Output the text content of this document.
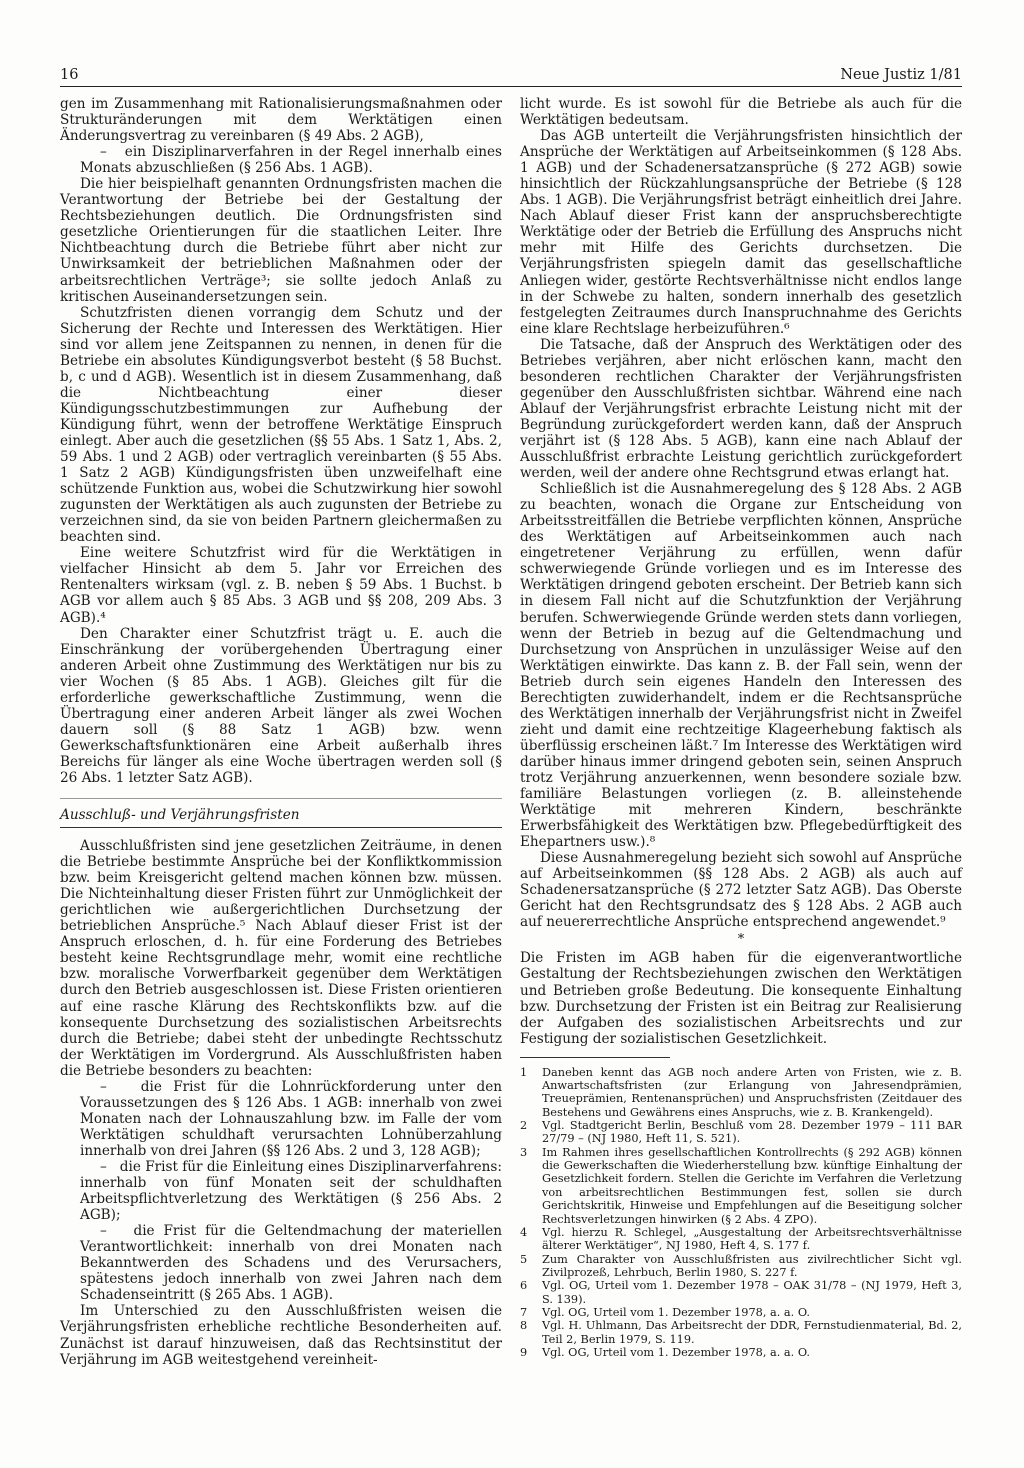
16	Neue Justiz 1/81

gen im Zusammenhang mit Rationalisierungsmaßnahmen oder Strukturänderungen mit dem Werktätigen einen Änderungsvertrag zu vereinbaren (§ 49 Abs. 2 AGB),

–   ein Disziplinarverfahren in der Regel innerhalb eines Monats abzuschließen (§ 256 Abs. 1 AGB).

Die hier beispielhaft genannten Ordnungsfristen machen die Verantwortung der Betriebe bei der Gestaltung der Rechtsbeziehungen deutlich. Die Ordnungsfristen sind gesetzliche Orientierungen für die staatlichen Leiter. Ihre Nichtbeachtung durch die Betriebe führt aber nicht zur Unwirksamkeit der betrieblichen Maßnahmen oder der arbeitsrechtlichen Verträge³; sie sollte jedoch Anlaß zu kritischen Auseinandersetzungen sein.

Schutzfristen dienen vorrangig dem Schutz und der Sicherung der Rechte und Interessen des Werktätigen. Hier sind vor allem jene Zeitspannen zu nennen, in denen für die Betriebe ein absolutes Kündigungsverbot besteht (§ 58 Buchst. b, c und d AGB). Wesentlich ist in diesem Zusammenhang, daß die Nichtbeachtung einer dieser Kündigungsschutzbestimmungen zur Aufhebung der Kündigung führt, wenn der betroffene Werktätige Einspruch einlegt. Aber auch die gesetzlichen (§§ 55 Abs. 1 Satz 1, Abs. 2, 59 Abs. 1 und 2 AGB) oder vertraglich vereinbarten (§ 55 Abs. 1 Satz 2 AGB) Kündigungsfristen üben unzweifelhaft eine schützende Funktion aus, wobei die Schutzwirkung hier sowohl zugunsten der Werktätigen als auch zugunsten der Betriebe zu verzeichnen sind, da sie von beiden Partnern gleichermaßen zu beachten sind.

Eine weitere Schutzfrist wird für die Werktätigen in vielfacher Hinsicht ab dem 5. Jahr vor Erreichen des Rentenalters wirksam (vgl. z. B. neben § 59 Abs. 1 Buchst. b AGB vor allem auch § 85 Abs. 3 AGB und §§ 208, 209 Abs. 3 AGB).⁴

Den Charakter einer Schutzfrist trägt u. E. auch die Einschränkung der vorübergehenden Übertragung einer anderen Arbeit ohne Zustimmung des Werktätigen nur bis zu vier Wochen (§ 85 Abs. 1 AGB). Gleiches gilt für die erforderliche gewerkschaftliche Zustimmung, wenn die Übertragung einer anderen Arbeit länger als zwei Wochen dauern soll (§ 88 Satz 1 AGB) bzw. wenn Gewerkschaftsfunktionären eine Arbeit außerhalb ihres Bereichs für länger als eine Woche übertragen werden soll (§ 26 Abs. 1 letzter Satz AGB).

Ausschluß- und Verjährungsfristen

Ausschlußfristen sind jene gesetzlichen Zeiträume, in denen die Betriebe bestimmte Ansprüche bei der Konfliktkommission bzw. beim Kreisgericht geltend machen können bzw. müssen. Die Nichteinhaltung dieser Fristen führt zur Unmöglichkeit der gerichtlichen wie außergerichtlichen Durchsetzung der betrieblichen Ansprüche.⁵ Nach Ablauf dieser Frist ist der Anspruch erloschen, d. h. für eine Forderung des Betriebes besteht keine Rechtsgrundlage mehr, womit eine rechtliche bzw. moralische Vorwerfbarkeit gegenüber dem Werktätigen durch den Betrieb ausgeschlossen ist. Diese Fristen orientieren auf eine rasche Klärung des Rechtskonflikts bzw. auf die konsequente Durchsetzung des sozialistischen Arbeitsrechts durch die Betriebe; dabei steht der unbedingte Rechtsschutz der Werktätigen im Vordergrund. Als Ausschlußfristen haben die Betriebe besonders zu beachten:

–   die Frist für die Lohnrückforderung unter den Voraussetzungen des § 126 Abs. 1 AGB: innerhalb von zwei Monaten nach der Lohnauszahlung bzw. im Falle der vom Werktätigen schuldhaft verursachten Lohnüberzahlung innerhalb von drei Jahren (§§ 126 Abs. 2 und 3, 128 AGB);

–   die Frist für die Einleitung eines Disziplinarverfahrens: innerhalb von fünf Monaten seit der schuldhaften Arbeitspflichtverletzung des Werktätigen (§ 256 Abs. 2 AGB);

–   die Frist für die Geltendmachung der materiellen Verantwortlichkeit: innerhalb von drei Monaten nach Bekanntwerden des Schadens und des Verursachers, spätestens jedoch innerhalb von zwei Jahren nach dem Schadenseintritt (§ 265 Abs. 1 AGB).

Im Unterschied zu den Ausschlußfristen weisen die Verjährungsfristen erhebliche rechtliche Besonderheiten auf. Zunächst ist darauf hinzuweisen, daß das Rechtsinstitut der Verjährung im AGB weitestgehend vereinheit-

licht wurde. Es ist sowohl für die Betriebe als auch für die Werktätigen bedeutsam.

Das AGB unterteilt die Verjährungsfristen hinsichtlich der Ansprüche der Werktätigen auf Arbeitseinkommen (§ 128 Abs. 1 AGB) und der Schadenersatzansprüche (§ 272 AGB) sowie hinsichtlich der Rückzahlungsansprüche der Betriebe (§ 128 Abs. 1 AGB). Die Verjährungsfrist beträgt einheitlich drei Jahre. Nach Ablauf dieser Frist kann der anspruchsberechtigte Werktätige oder der Betrieb die Erfüllung des Anspruchs nicht mehr mit Hilfe des Gerichts durchsetzen. Die Verjährungsfristen spiegeln damit das gesellschaftliche Anliegen wider, gestörte Rechtsverhältnisse nicht endlos lange in der Schwebe zu halten, sondern innerhalb des gesetzlich festgelegten Zeitraumes durch Inanspruchnahme des Gerichts eine klare Rechtslage herbeizuführen.⁶

Die Tatsache, daß der Anspruch des Werktätigen oder des Betriebes verjähren, aber nicht erlöschen kann, macht den besonderen rechtlichen Charakter der Verjährungsfristen gegenüber den Ausschlußfristen sichtbar. Während eine nach Ablauf der Verjährungsfrist erbrachte Leistung nicht mit der Begründung zurückgefordert werden kann, daß der Anspruch verjährt ist (§ 128 Abs. 5 AGB), kann eine nach Ablauf der Ausschlußfrist erbrachte Leistung gerichtlich zurückgefordert werden, weil der andere ohne Rechtsgrund etwas erlangt hat.

Schließlich ist die Ausnahmeregelung des § 128 Abs. 2 AGB zu beachten, wonach die Organe zur Entscheidung von Arbeitsstreitfällen die Betriebe verpflichten können, Ansprüche des Werktätigen auf Arbeitseinkommen auch nach eingetretener Verjährung zu erfüllen, wenn dafür schwerwiegende Gründe vorliegen und es im Interesse des Werktätigen dringend geboten erscheint. Der Betrieb kann sich in diesem Fall nicht auf die Schutzfunktion der Verjährung berufen. Schwerwiegende Gründe werden stets dann vorliegen, wenn der Betrieb in bezug auf die Geltendmachung und Durchsetzung von Ansprüchen in unzulässiger Weise auf den Werktätigen einwirkte. Das kann z. B. der Fall sein, wenn der Betrieb durch sein eigenes Handeln den Interessen des Berechtigten zuwiderhandelt, indem er die Rechtsansprüche des Werktätigen innerhalb der Verjährungsfrist nicht in Zweifel zieht und damit eine rechtzeitige Klageerhebung faktisch als überflüssig erscheinen läßt.⁷ Im Interesse des Werktätigen wird darüber hinaus immer dringend geboten sein, seinen Anspruch trotz Verjährung anzuerkennen, wenn besondere soziale bzw. familiäre Belastungen vorliegen (z. B. alleinstehende Werktätige mit mehreren Kindern, beschränkte Erwerbsfähigkeit des Werktätigen bzw. Pflegebedürftigkeit des Ehepartners usw.).⁸

Diese Ausnahmeregelung bezieht sich sowohl auf Ansprüche auf Arbeitseinkommen (§§ 128 Abs. 2 AGB) als auch auf Schadenersatzansprüche (§ 272 letzter Satz AGB). Das Oberste Gericht hat den Rechtsgrundsatz des § 128 Abs. 2 AGB auch auf neuererrechtliche Ansprüche entsprechend angewendet.⁹

*

Die Fristen im AGB haben für die eigenverantwortliche Gestaltung der Rechtsbeziehungen zwischen den Werktätigen und Betrieben große Bedeutung. Die konsequente Einhaltung bzw. Durchsetzung der Fristen ist ein Beitrag zur Realisierung der Aufgaben des sozialistischen Arbeitsrechts und zur Festigung der sozialistischen Gesetzlichkeit.

1	Daneben kennt das AGB noch andere Arten von Fristen, wie z. B. Anwartschaftsfristen (zur Erlangung von Jahresendprämien, Treueprämien, Rentenansprüchen) und Anspruchsfristen (Zeitdauer des Bestehens und Gewährens eines Anspruchs, wie z. B. Krankengeld).
2	Vgl. Stadtgericht Berlin, Beschluß vom 28. Dezember 1979 – 111 BAR 27/79 – (NJ 1980, Heft 11, S. 521).
3	Im Rahmen ihres gesellschaftlichen Kontrollrechts (§ 292 AGB) können die Gewerkschaften die Wiederherstellung bzw. künftige Einhaltung der Gesetzlichkeit fordern. Stellen die Gerichte im Verfahren die Verletzung von arbeitsrechtlichen Bestimmungen fest, sollen sie durch Gerichtskritik, Hinweise und Empfehlungen auf die Beseitigung solcher Rechtsverletzungen hinwirken (§ 2 Abs. 4 ZPO).
4	Vgl. hierzu R. Schlegel, „Ausgestaltung der Arbeitsrechtsverhältnisse älterer Werktätiger“, NJ 1980, Heft 4, S. 177 f.
5	Zum Charakter von Ausschlußfristen aus zivilrechtlicher Sicht vgl. Zivilprozeß, Lehrbuch, Berlin 1980, S. 227 f.
6	Vgl. OG, Urteil vom 1. Dezember 1978 – OAK 31/78 – (NJ 1979, Heft 3, S. 139).
7	Vgl. OG, Urteil vom 1. Dezember 1978, a. a. O.
8	Vgl. H. Uhlmann, Das Arbeitsrecht der DDR, Fernstudienmaterial, Bd. 2, Teil 2, Berlin 1979, S. 119.
9	Vgl. OG, Urteil vom 1. Dezember 1978, a. a. O.
